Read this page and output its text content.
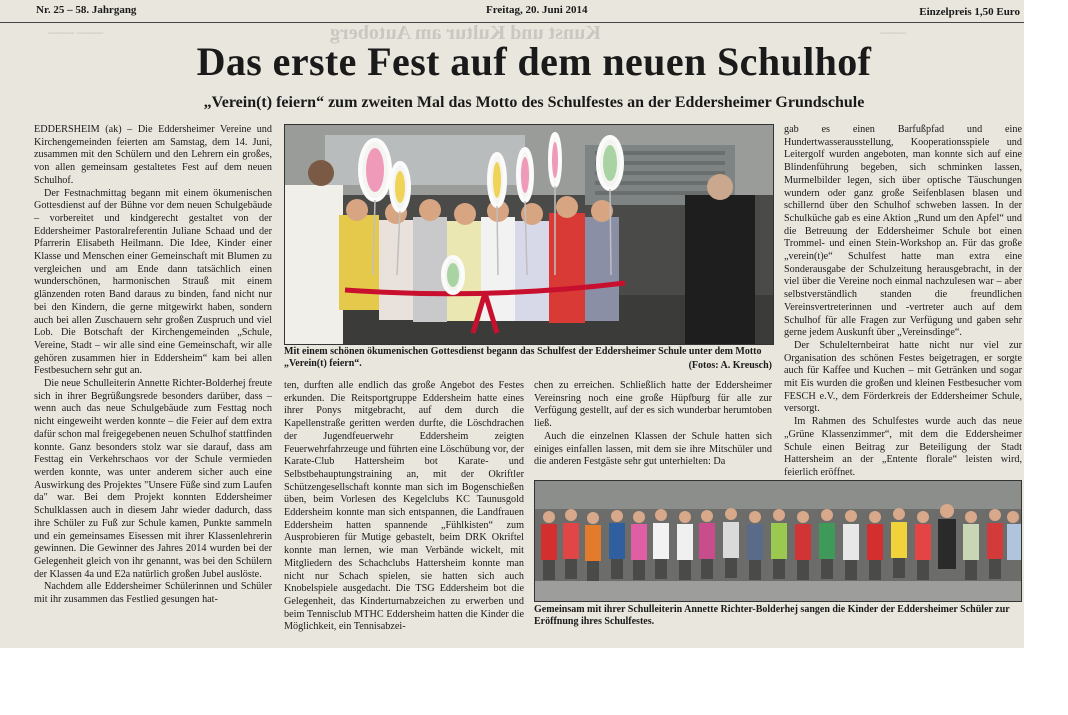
Nr. 25 – 58. Jahrgang	Freitag, 20. Juni 2014	Einzelpreis 1,50 Euro
Kunst und Kultur am Autoberg
—— ——	——
Das erste Fest auf dem neuen Schulhof
„Verein(t) feiern“ zum zweiten Mal das Motto des Schulfestes an der Eddersheimer Grundschule

EDDERSHEIM (ak) – Die Eddersheimer Vereine und Kirchengemeinden feierten am Samstag, dem 14. Juni, zusammen mit den Schülern und den Lehrern ein großes, von allen gemeinsam gestaltetes Fest auf dem neuen Schulhof.

Der Festnachmittag begann mit einem ökumenischen Gottesdienst auf der Bühne vor dem neuen Schulgebäude – vorbereitet und kindgerecht gestaltet von der Eddersheimer Pastoralreferentin Juliane Schaad und der Pfarrerin Elisabeth Heilmann. Die Idee, Kinder einer Klasse und Menschen einer Gemeinschaft mit Blumen zu vergleichen und am Ende dann tatsächlich einen wunderschönen, harmonischen Strauß mit einem glänzenden roten Band daraus zu binden, fand nicht nur bei den Kindern, die gerne mitgewirkt haben, sondern auch bei allen Zuschauern sehr großen Zuspruch und viel Lob. Die Botschaft der Kirchengemeinden „Schule, Vereine, Stadt – wir alle sind eine Gemeinschaft, wir alle gehören zusammen hier in Eddersheim“ kam bei allen Festbesuchern sehr gut an.

Die neue Schulleiterin Annette Richter-Bolderhej freute sich in ihrer Begrüßungsrede besonders darüber, dass – wenn auch das neue Schulgebäude zum Festtag noch nicht eingeweiht werden konnte – die Feier auf dem extra dafür schon mal freigegebenen neuen Schulhof stattfinden konnte. Ganz besonders stolz war sie darauf, dass am Festtag ein Verkehrschaos vor der Schule vermieden werden konnte, was unter anderem sicher auch eine Auswirkung des Projektes "Unsere Füße sind zum Laufen da" war. Bei dem Projekt konnten Eddersheimer Schulklassen auch in diesem Jahr wieder dadurch, dass ihre Schüler zu Fuß zur Schule kamen, Punkte sammeln und ein gemeinsames Eisessen mit ihrer Klassenlehrerin gewinnen. Die Gewinner des Jahres 2014 wurden bei der Gelegenheit gleich von ihr genannt, was bei den Schülern der Klassen 4a und E2a natürlich großen Jubel auslöste.

Nachdem alle Eddersheimer Schülerinnen und Schüler mit ihr zusammen das Festlied gesungen hat-

Mit einem schönen ökumenischen Gottesdienst begann das Schulfest der Eddersheimer Schule unter dem Motto „Verein(t) feiern“.	(Fotos: A. Kreusch)

ten, durften alle endlich das große Angebot des Festes erkunden. Die Reitsportgruppe Eddersheim hatte eines ihrer Ponys mitgebracht, auf dem durch die Kapellenstraße geritten werden durfte, die Löschdrachen der Jugendfeuerwehr Eddersheim zeigten Feuerwehrfahrzeuge und führten eine Löschübung vor, der Karate-Club Hattersheim bot Karate- und Selbstbehauptungstraining an, mit der Okriftler Schützengesellschaft konnte man sich im Bogenschießen üben, beim Vorlesen des Kegelclubs KC Taunusgold Eddersheim konnte man sich entspannen, die Landfrauen Eddersheim hatten spannende „Fühlkisten“ zum Ausprobieren für Mutige gebastelt, beim DRK Okriftel konnte man lernen, wie man Verbände wickelt, mit Mitgliedern des Schachclubs Hattersheim konnte man nicht nur Schach spielen, sie hatten sich auch Knobelspiele ausgedacht. Die TSG Eddersheim bot die Gelegenheit, das Kinderturnabzeichen zu erwerben und beim Tennisclub MTHC Eddersheim hatten die Kinder die Möglichkeit, ein Tennisabzei-

chen zu erreichen. Schließlich hatte der Eddersheimer Vereinsring noch eine große Hüpfburg für alle zur Verfügung gestellt, auf der es sich wunderbar herumtoben ließ.

Auch die einzelnen Klassen der Schule hatten sich einiges einfallen lassen, mit dem sie ihre Mitschüler und die anderen Festgäste sehr gut unterhielten: Da

gab es einen Barfußpfad und eine Hundertwasserausstellung, Kooperationsspiele und Leitergolf wurden angeboten, man konnte sich auf eine Blindenführung begeben, sich schminken lassen, Murmelbilder legen, sich über optische Täuschungen wundern oder ganz große Seifenblasen blasen und schillernd über den Schulhof schweben lassen. In der Schulküche gab es eine Aktion „Rund um den Apfel“ und die Betreuung der Eddersheimer Schule bot einen Trommel- und einen Stein-Workshop an. Für das große „verein(t)e“ Schulfest hatte man extra eine Sonderausgabe der Schulzeitung herausgebracht, in der viel über die Vereine noch einmal nachzulesen war – aber selbstverständlich standen die freundlichen Vereinsvertreterinnen und -vertreter auch auf dem Schulhof für alle Fragen zur Verfügung und gaben sehr gerne jedem Auskunft über „Vereinsdinge“.

Der Schulelternbeirat hatte nicht nur viel zur Organisation des schönen Festes beigetragen, er sorgte auch für Kaffee und Kuchen – mit Getränken und sogar mit Eis wurden die großen und kleinen Festbesucher vom FESCH e.V., dem Förderkreis der Eddersheimer Schule, versorgt.

Im Rahmen des Schulfestes wurde auch das neue „Grüne Klassenzimmer“, mit dem die Eddersheimer Schule einen Beitrag zur Beteiligung der Stadt Hattersheim an der „Entente florale“ leisten wird, feierlich eröffnet.

Gemeinsam mit ihrer Schulleiterin Annette Richter-Bolderhej sangen die Kinder der Eddersheimer Schüler zur Eröffnung ihres Schulfestes.
